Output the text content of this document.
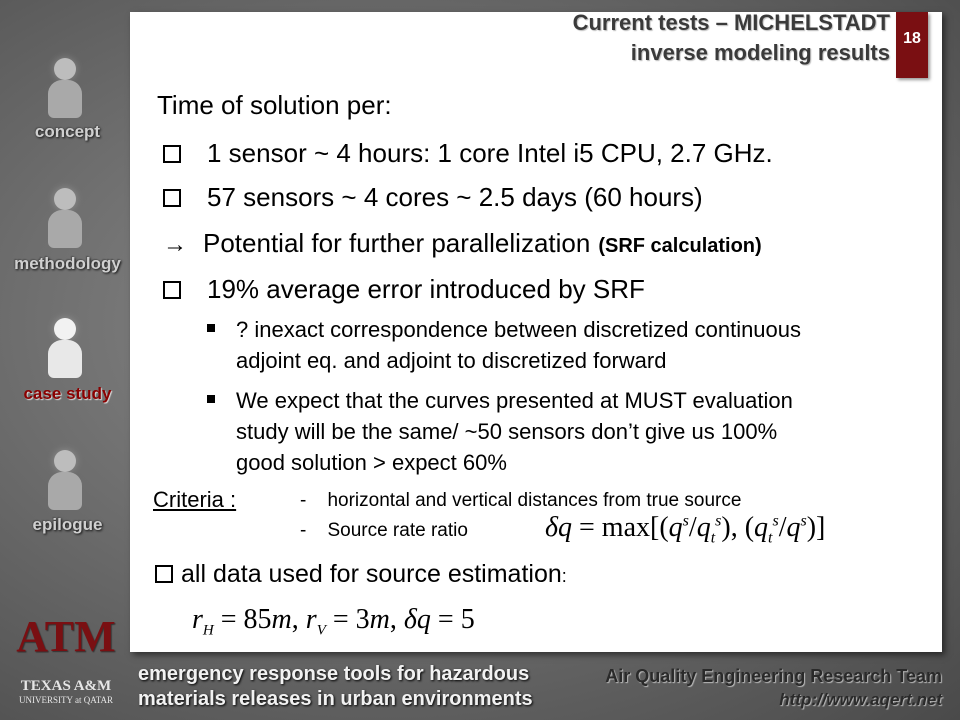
concept
methodology
case study
epilogue
Current tests – MICHELSTADT
inverse modeling results
18
Time of solution per:
1 sensor ~ 4 hours: 1 core Intel i5 CPU, 2.7 GHz.
57 sensors ~ 4 cores ~ 2.5 days (60 hours)
→ Potential for further parallelization (SRF calculation)
19% average error introduced by SRF
? inexact correspondence between discretized continuous
adjoint eq. and adjoint to discretized forward
We expect that the curves presented at MUST evaluation
study will be the same/ ~50 sensors don’t give us 100%
good solution > expect 60%
Criteria :	- horizontal and vertical distances from true source
- Source rate ratio	$\delta q = \max[(q^s/q_t^s)$, $(q_t^s/q^s)$]
all data used for source estimation:
$r_H = 85m$, $r_V = 3m$, δq = 5
ATM
TEXAS A&M
UNIVERSITY at QATAR
emergency response tools for hazardous
materials releases in urban environments
Air Quality Engineering Research Team
http://www.aqert.net
